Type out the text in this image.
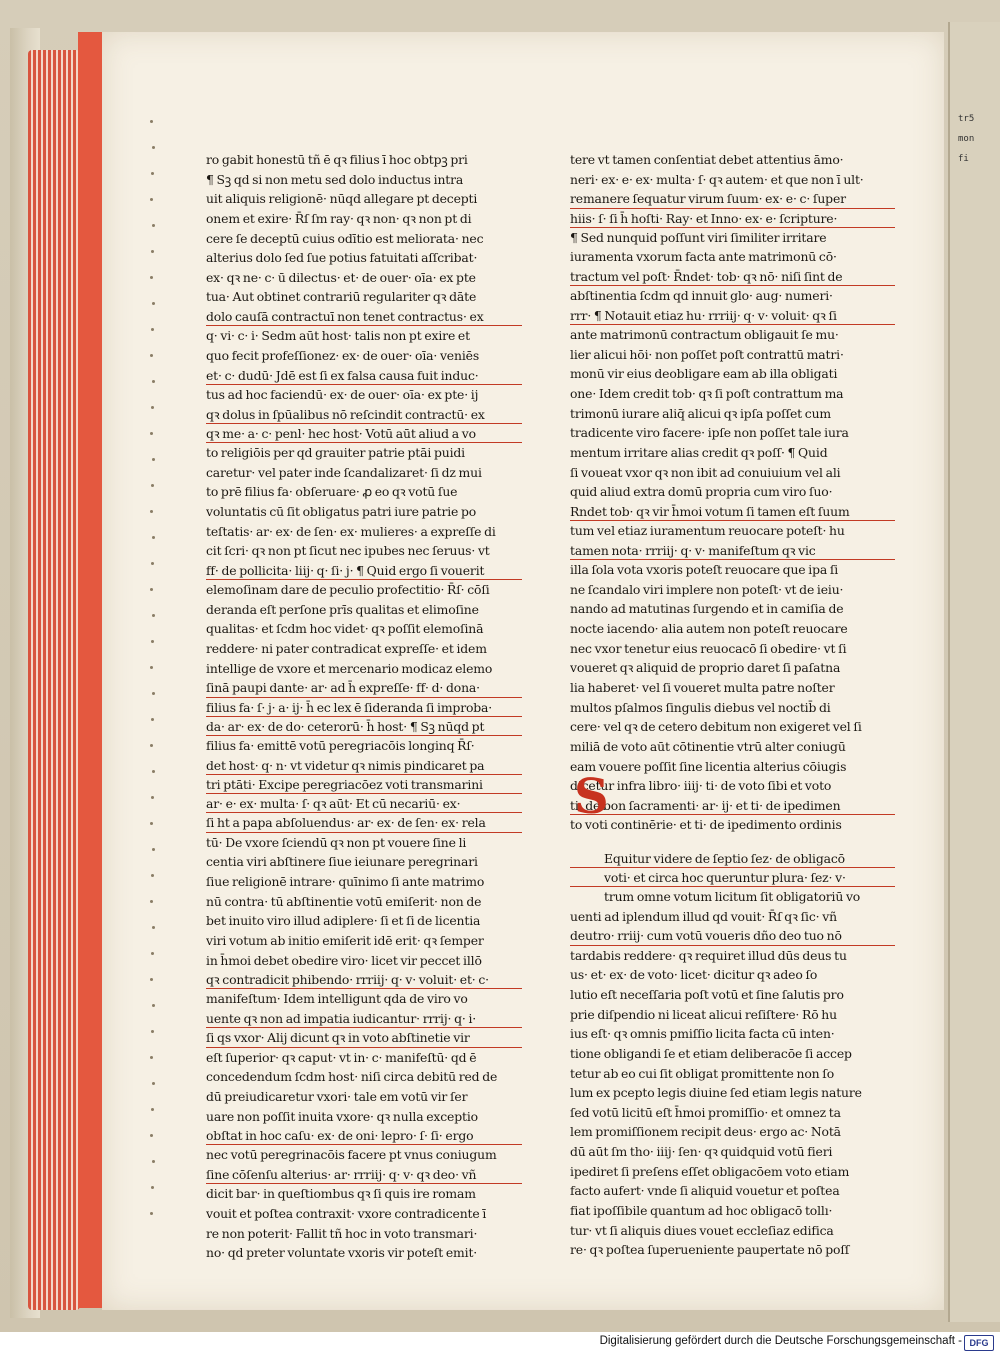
tr5
mon
fi
ro gabit honestū tñ ē qꝛ filius ī hoc obtpꝫ pri
¶ Sꝫ qd si non metu sed dolo inductus intra
uit aliquis religionē· nūqd allegare pt decepti
onem et exire· R̄ſ ſm ray· qꝛ non· qꝛ non pt di
cere ſe deceptū cuius odītio est meliorata· nec
alterius dolo ſed ſue potius fatuitati aſſcribat·
ex· qꝛ ne· c· ū dilectus· et· de ouer· oīa· ex pte
tua· Aut obtinet contrariū regulariter qꝛ dāte
dolo cauſā contractuī non tenet contractus· ex
q· vi· c· i· Sedm aūt host· talis non pt exire et
quo fecit profeſſionez· ex· de ouer· oīa· veniēs
et· c· dudū· Jdē est ſi ex falsa causa fuit induc·
tus ad hoc faciendū· ex· de ouer· oīa· ex pte· ij
qꝛ dolus in ſpūalibus nō reſcindit contractū· ex
qꝛ me· a· c· penl· hec host· Votū aūt aliud a vo
to religiōis per qd grauiter patrie ptāi puidi
caretur· vel pater inde ſcandalizaret· ſi dz mui
to prē filius fa· obſeruare· ꝓ eo qꝛ votū ſue
voluntatis cū ſit obligatus patri iure patrie po
teſtatis· ar· ex· de ſen· ex· mulieres· a expreſſe di
cit ſcri· qꝛ non pt ſicut nec ipubes nec ſeruus· vt
ff· de pollicita· liij· q· ſi· j· ¶ Quid ergo ſi vouerit
elemoſinam dare de peculio profectitio· R̄ſ· cōſi
deranda eſt perſone prīs qualitas et elimoſine
qualitas· et ſcdm hoc videt· qꝛ poſſit elemoſinā
reddere· ni pater contradicat expreſſe· et idem
intellige de vxore et mercenario modicaz elemo
ſinā paupi dante· ar· ad h̄ expreſſe· ff· d· dona·
filius fa· ſ· j· a· ij· h̄ ec lex ē ſideranda ſi improba·
da· ar· ex· de do· ceterorū· h̄ host· ¶ Sꝫ nūqd pt
filius fa· emittē votū peregriacōis longinq R̄ſ·
det host· q· n· vt videtur qꝛ nimis pindicaret pa
tri ptāti· Excipe peregriacōez voti transmarini
ar· e· ex· multa· ſ· qꝛ aūt· Et cū necariū· ex·
ſi ht a papa abſoluendus· ar· ex· de ſen· ex· rela
tū· De vxore ſciendū qꝛ non pt vouere ſine li
centia viri abſtinere ſiue ieiunare peregrinari
ſiue religionē intrare· quīnimo ſi ante matrimo
nū contra· tū abſtinentie votū emiſerit· non de
bet inuito viro illud adiplere· ſi et ſi de licentia
viri votum ab initio emiſerit idē erit· qꝛ ſemper
in h̄moi debet obedire viro· licet vir peccet illō
qꝛ contradicit phibendo· rrriij· q· v· voluit· et· c·
manifeſtum· Idem intelligunt qda de viro vo
uente qꝛ non ad impatia iudicantur· rrrij· q· i·
ſi qs vxor· Alij dicunt qꝛ in voto abſtinetie vir
eſt ſuperior· qꝛ caput· vt in· c· manifeſtū· qd ē
concedendum ſcdm host· niſi circa debitū red de
dū preiudicaretur vxori· tale em votū vir ſer
uare non poſſit inuita vxore· qꝛ nulla exceptio
obſtat in hoc caſu· ex· de oni· lepro· ſ· ſi· ergo
nec votū peregrinacōis facere pt vnus coniugum
ſine cōſenſu alterius· ar· rrriij· q· v· qꝛ deo· vñ
dicit bar· in queſtiombus qꝛ ſi quis ire romam
vouit et poſtea contraxit· vxore contradicente ī
re non poterit· Fallit tñ hoc in voto transmari·
no· qd preter voluntate vxoris vir poteſt emit·
tere vt tamen conſentiat debet attentius āmo·
neri· ex· e· ex· multa· ſ· qꝛ autem· et que non ī ult·
remanere ſequatur virum ſuum· ex· e· c· ſuper
hiis· ſ· ſi h̄ hoſti· Ray· et Inno· ex· e· ſcripture·
¶ Sed nunquid poſſunt viri ſimiliter irritare
iuramenta vxorum facta ante matrimonū cō·
tractum vel poſt· R̄ndet· tob· qꝛ nō· niſi ſint de
abſtinentia ſcdm qd innuit glo· aug· numeri·
rrr· ¶ Notauit etiaz hu· rrriij· q· v· voluit· qꝛ ſi
ante matrimonū contractum obligauit ſe mu·
lier alicui hōi· non poſſet poſt contrattū matri·
monū vir eius deobligare eam ab illa obligati
one· Idem credit tob· qꝛ ſi poſt contrattum ma
trimonū iurare aliq̄ alicui qꝛ ipſa poſſet cum
tradicente viro facere· ipſe non poſſet tale iura
mentum irritare alias credit qꝛ poſſ· ¶ Quid
ſi voueat vxor qꝛ non ibit ad conuiuium vel ali
quid aliud extra domū propria cum viro ſuo·
Rndet tob· qꝛ vir h̄moi votum ſi tamen eſt ſuum
tum vel etiaz iuramentum reuocare poteſt· hu
tamen nota· rrriij· q· v· manifeſtum qꝛ vic
illa ſola vota vxoris poteſt reuocare que ipa ſi
ne ſcandalo viri implere non poteſt· vt de ieiu·
nando ad matutinas ſurgendo et in camiſia de
nocte iacendo· alia autem non poteſt reuocare
nec vxor tenetur eius reuocacō ſi obedire· vt ſi
voueret qꝛ aliquid de proprio daret ſi paſatna
lia haberet· vel ſi voueret multa patre noſter
multos pſalmos ſingulis diebus vel noctib̄ di
cere· vel qꝛ de cetero debitum non exigeret vel ſi
miliā de voto aūt cōtinentie vtrū alter coniugū
eam vouere poſſit ſine licentia alterius cōiugis
dicetur infra libro· iiij· ti· de voto ſibi et voto
ti· de bon ſacramenti· ar· ij· et ti· de ipedimen
to voti continērie· et ti· de ipedimento ordinis
Equitur videre de ſeptio ſez· de obligacō
voti· et circa hoc queruntur plura· ſez· v·
trum omne votum licitum ſit obligatoriū vo
uenti ad iplendum illud qd vouit· R̄ſ qꝛ ſic· vñ
deutro· rriij· cum votū voueris dño deo tuo nō
tardabis reddere· qꝛ requiret illud dūs deus tu
us· et· ex· de voto· licet· dicitur qꝛ adeo ſo
lutio eſt neceſſaria poſt votū et ſine ſalutis pro
prie diſpendio ni liceat alicui reſiſtere· Rō hu
ius eſt· qꝛ omnis pmiſſio licita facta cū inten·
tione obligandi ſe et etiam deliberacōe ſi accep
tetur ab eo cui ſit obligat promittente non ſo
lum ex pcepto legis diuine ſed etiam legis nature
ſed votū licitū eſt h̄moi promiſſio· et omnez ta
lem promiſſionem recipit deus· ergo ac· Notā
dū aūt ſm tho· iiij· ſen· qꝛ quidquid votū fieri
ipediret ſi preſens eſſet obligacōem voto etiam
facto aufert· vnde ſi aliquid vouetur et poſtea
fiat ipoſſibile quantum ad hoc obligacō tollı·
tur· vt ſi aliquis diues vouet eccleſiaz edifica
re· qꝛ poſtea ſuperueniente paupertate nō poſſ
S
Digitalisierung gefördert durch die Deutsche Forschungsgemeinschaft - DFG
